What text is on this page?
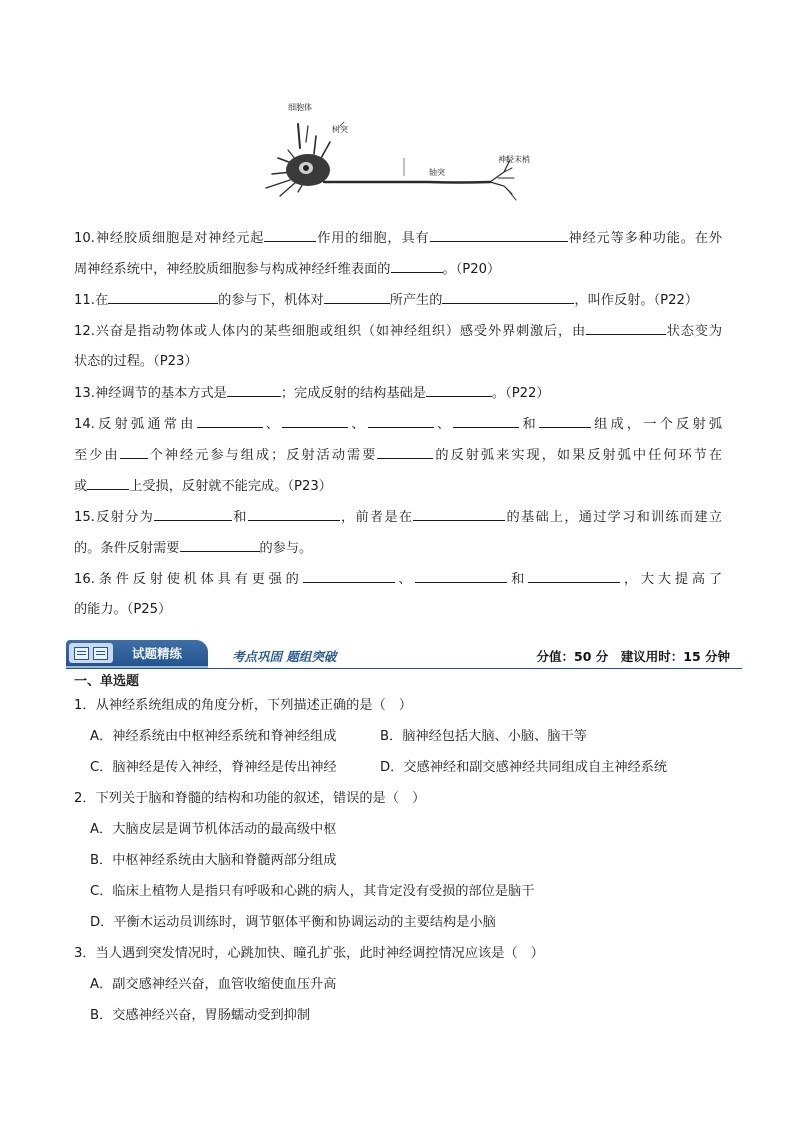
细胞体
树突
轴突
神经末梢
10.神经胶质细胞是对神经元起	作用的细胞，具有	神经元等多种功能。在外
周神经系统中，神经胶质细胞参与构成神经纤维表面的	。（P20）
11.在	的参与下，机体对	所产生的	，叫作反射。（P22）
12.兴奋是指动物体或人体内的某些细胞或组织（如神经组织）感受外界刺激后，由	状态变为
状态的过程。（P23）
13.神经调节的基本方式是	；完成反射的结构基础是	。（P22）
14.反射弧通常由	、	、	、	和	组成，一个反射弧
至少由 个神经元参与组成；反射活动需要	的反射弧来实现，如果反射弧中任何环节在
或	上受损，反射就不能完成。（P23）
15.反射分为	和	，前者是在	的基础上，通过学习和训练而建立
的。条件反射需要	的参与。
16.条件反射使机体具有更强的	、	和	，大大提高了
的能力。（P25）
试题精练	考点巩固 题组突破	分值：50 分　建议用时：15 分钟
一、单选题
1．从神经系统组成的角度分析，下列描述正确的是（　）
A．神经系统由中枢神经系统和脊神经组成	B．脑神经包括大脑、小脑、脑干等
C．脑神经是传入神经，脊神经是传出神经	D．交感神经和副交感神经共同组成自主神经系统
2．下列关于脑和脊髓的结构和功能的叙述，错误的是（　）
A．大脑皮层是调节机体活动的最高级中枢
B．中枢神经系统由大脑和脊髓两部分组成
C．临床上植物人是指只有呼吸和心跳的病人，其肯定没有受损的部位是脑干
D．平衡木运动员训练时，调节躯体平衡和协调运动的主要结构是小脑
3．当人遇到突发情况时，心跳加快、瞳孔扩张，此时神经调控情况应该是（　）
A．副交感神经兴奋，血管收缩使血压升高
B．交感神经兴奋，胃肠蠕动受到抑制
